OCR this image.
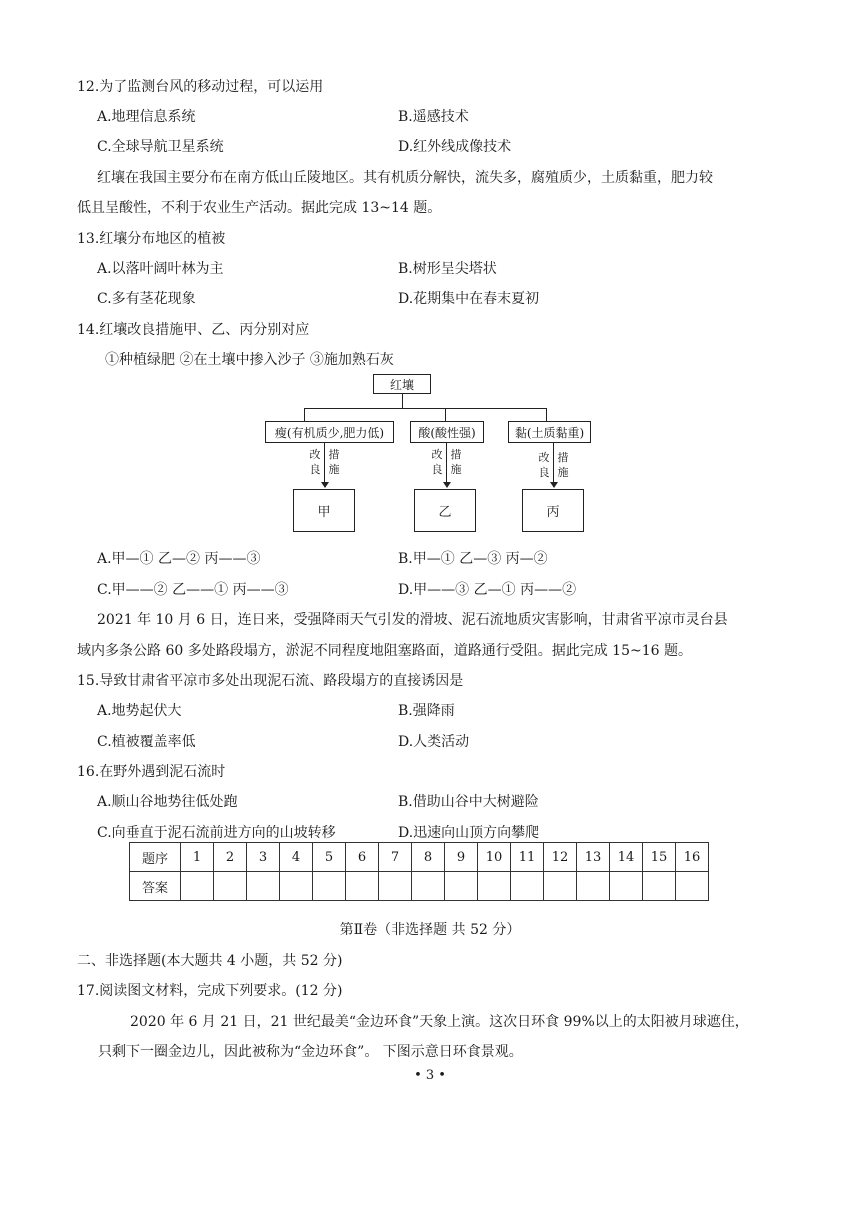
12.为了监测台风的移动过程，可以运用
A.地理信息系统	B.遥感技术
C.全球导航卫星系统	D.红外线成像技术
红壤在我国主要分布在南方低山丘陵地区。其有机质分解快，流失多，腐殖质少，土质黏重，肥力较
低且呈酸性，不利于农业生产活动。据此完成 13~14 题。
13.红壤分布地区的植被
A.以落叶阔叶林为主	B.树形呈尖塔状
C.多有茎花现象	D.花期集中在春末夏初
14.红壤改良措施甲、乙、丙分别对应
①种植绿肥 ②在土壤中掺入沙子 ③施加熟石灰
红壤
瘦(有机质少,肥力低)	酸(酸性强)	黏(土质黏重)
改良
措施
改良
措施
改良
措施
甲	乙	丙
A.甲—① 乙—② 丙——③	B.甲—① 乙—③ 丙—②
C.甲——② 乙——① 丙——③	D.甲——③ 乙—① 丙——②
2021 年 10 月 6 日，连日来，受强降雨天气引发的滑坡、泥石流地质灾害影响，甘肃省平凉市灵台县
域内多条公路 60 多处路段塌方，淤泥不同程度地阻塞路面，道路通行受阻。据此完成 15~16 题。
15.导致甘肃省平凉市多处出现泥石流、路段塌方的直接诱因是
A.地势起伏大	B.强降雨
C.植被覆盖率低	D.人类活动
16.在野外遇到泥石流时
A.顺山谷地势往低处跑	B.借助山谷中大树避险
C.向垂直于泥石流前进方向的山坡转移	D.迅速向山顶方向攀爬
题序	1	2	3	4	5	6	7	8	9	10	11	12	13	14	15	16
答案																
第Ⅱ卷（非选择题 共 52 分）
二、非选择题(本大题共 4 小题，共 52 分)
17.阅读图文材料，完成下列要求。(12 分)
2020 年 6 月 21 日，21 世纪最美“金边环食”天象上演。这次日环食 99%以上的太阳被月球遮住，
只剩下一圈金边儿，因此被称为“金边环食”。 下图示意日环食景观。
• 3 •
